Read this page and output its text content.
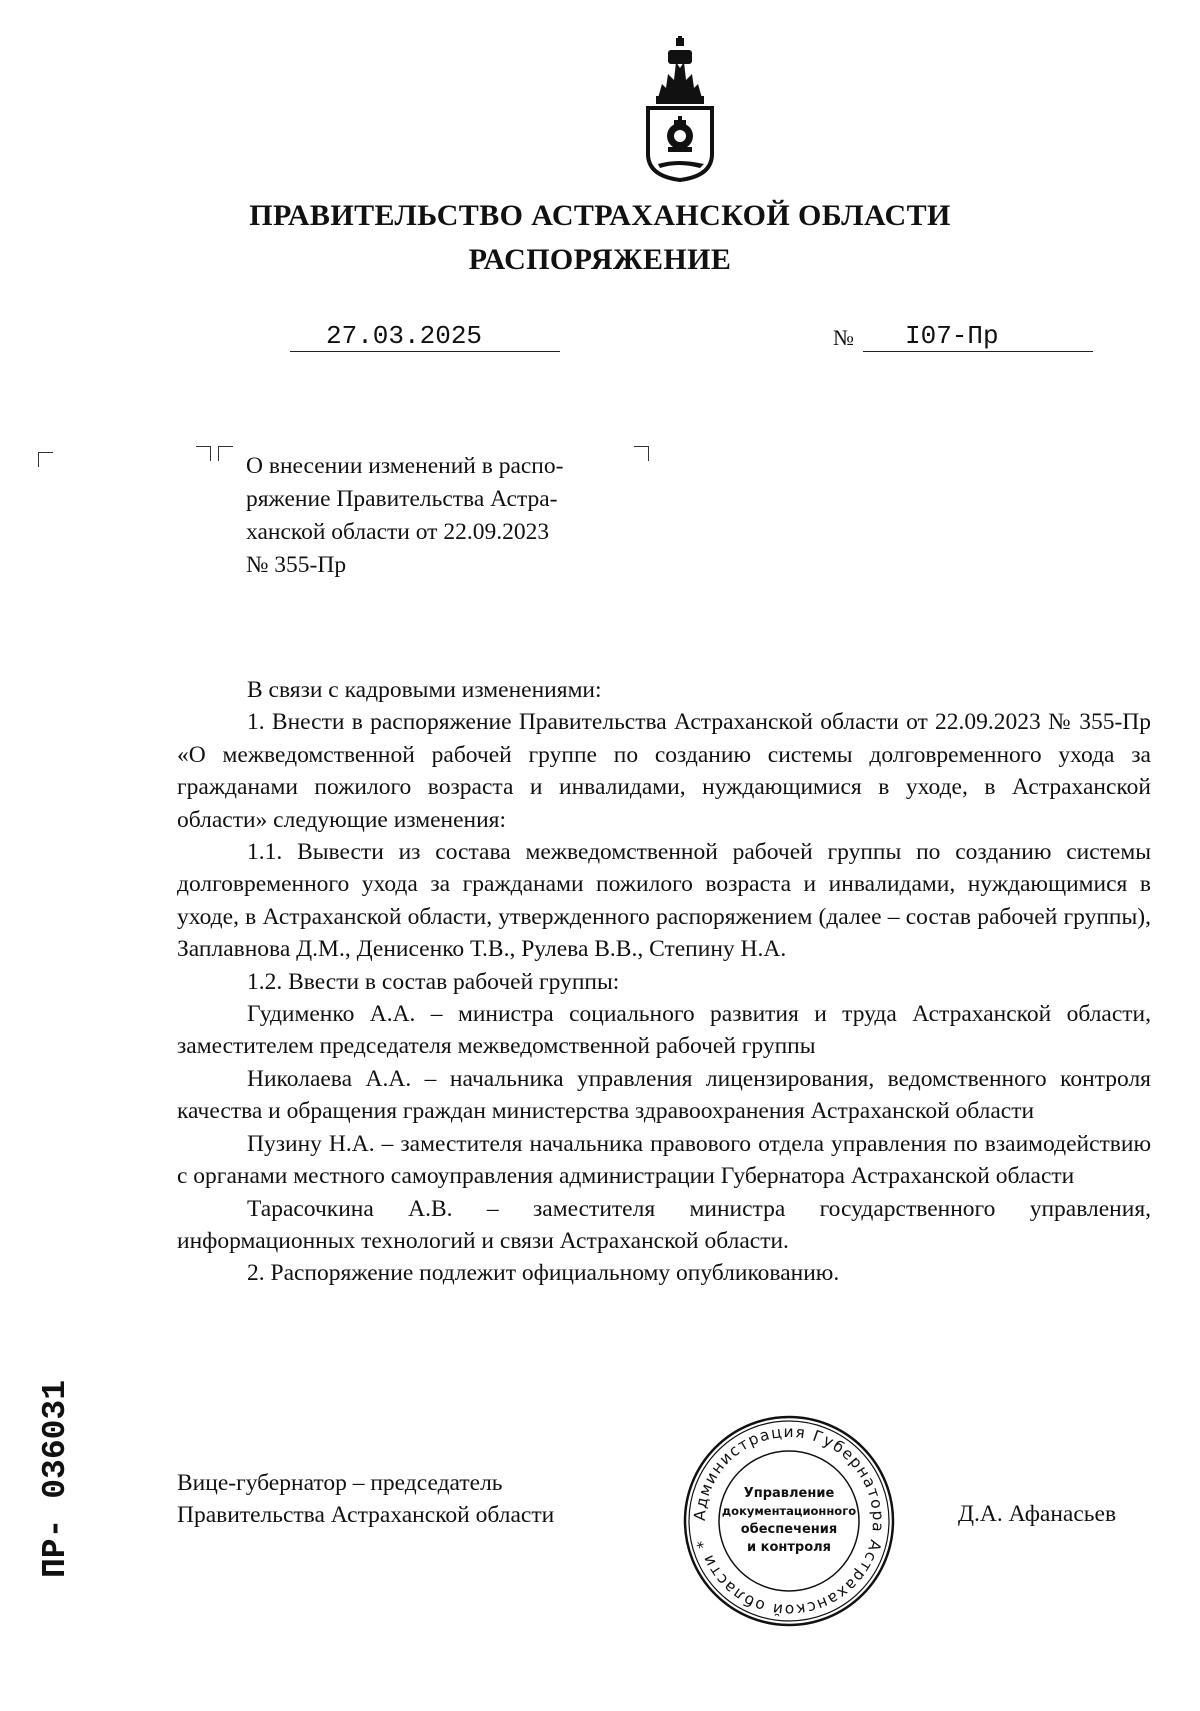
ПРАВИТЕЛЬСТВО АСТРАХАНСКОЙ ОБЛАСТИ
РАСПОРЯЖЕНИЕ
27.03.2025	№	I07-Пр
О внесении изменений в распо-
ряжение Правительства Астра-
ханской области от 22.09.2023
№ 355-Пр

В связи с кадровыми изменениями:

1. Внести в распоряжение Правительства Астраханской области от 22.09.2023 № 355-Пр «О межведомственной рабочей группе по созданию системы долговременного ухода за гражданами пожилого возраста и инвалидами, нуждающимися в уходе, в Астраханской области» следующие изменения:

1.1. Вывести из состава межведомственной рабочей группы по созданию системы долговременного ухода за гражданами пожилого возраста и инвалидами, нуждающимися в уходе, в Астраханской области, утвержденного распоряжением (далее – состав рабочей группы), Заплавнова Д.М., Денисенко Т.В., Рулева В.В., Степину Н.А.

1.2. Ввести в состав рабочей группы:

Гудименко А.А. – министра социального развития и труда Астраханской области, заместителем председателя межведомственной рабочей группы

Николаева А.А. – начальника управления лицензирования, ведомственного контроля качества и обращения граждан министерства здравоохранения Астраханской области

Пузину Н.А. – заместителя начальника правового отдела управления по взаимодействию с органами местного самоуправления администрации Губернатора Астраханской области

Тарасочкина А.В. – заместителя министра государственного управления, информационных технологий и связи Астраханской области.

2. Распоряжение подлежит официальному опубликованию.

Администрация Губернатора Астраханской области *
Управление
документационного
обеспечения
и контроля
Вице-губернатор – председатель
Правительства Астраханской области	Д.А. Афанасьев
ПР- 036031
